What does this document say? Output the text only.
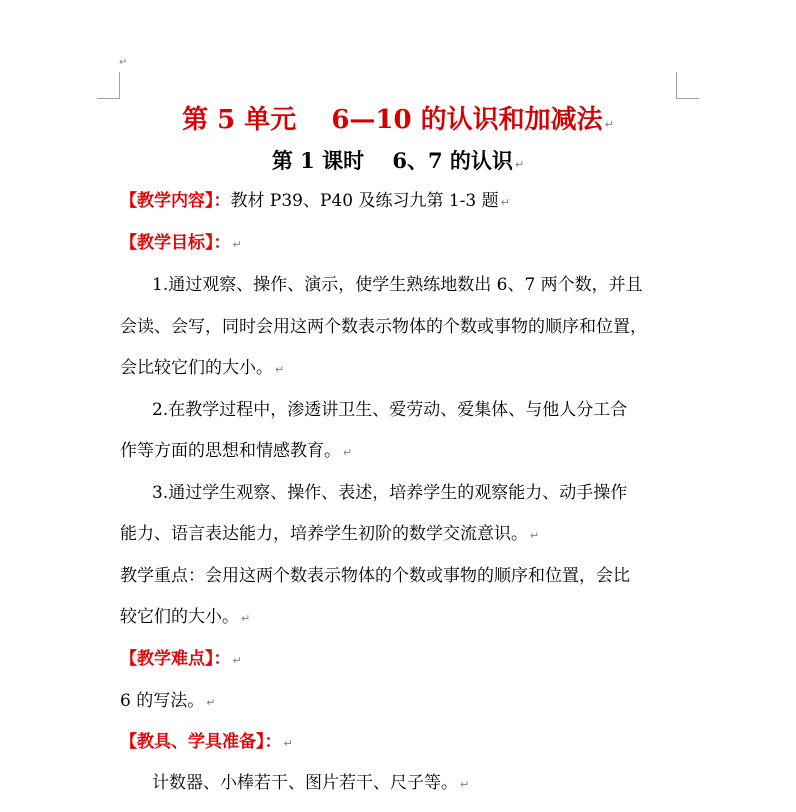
↵
第 5 单元　 6—10 的认识和加减法 ↵
第 1 课时　 6、7 的认识 ↵
【教学内容】：教材 P39、P40 及练习九第 1-3 题 ↵
【教学目标】： ↵
1.通过观察、操作、演示，使学生熟练地数出 6、7 两个数，并且
会读、会写，同时会用这两个数表示物体的个数或事物的顺序和位置，
会比较它们的大小。 ↵
2.在教学过程中，渗透讲卫生、爱劳动、爱集体、与他人分工合
作等方面的思想和情感教育。 ↵
3.通过学生观察、操作、表述，培养学生的观察能力、动手操作
能力、语言表达能力，培养学生初阶的数学交流意识。 ↵
教学重点：会用这两个数表示物体的个数或事物的顺序和位置，会比
较它们的大小。 ↵
【教学难点】： ↵
6 的写法。 ↵
【教具、学具准备】： ↵
计数器、小棒若干、图片若干、尺子等。 ↵
